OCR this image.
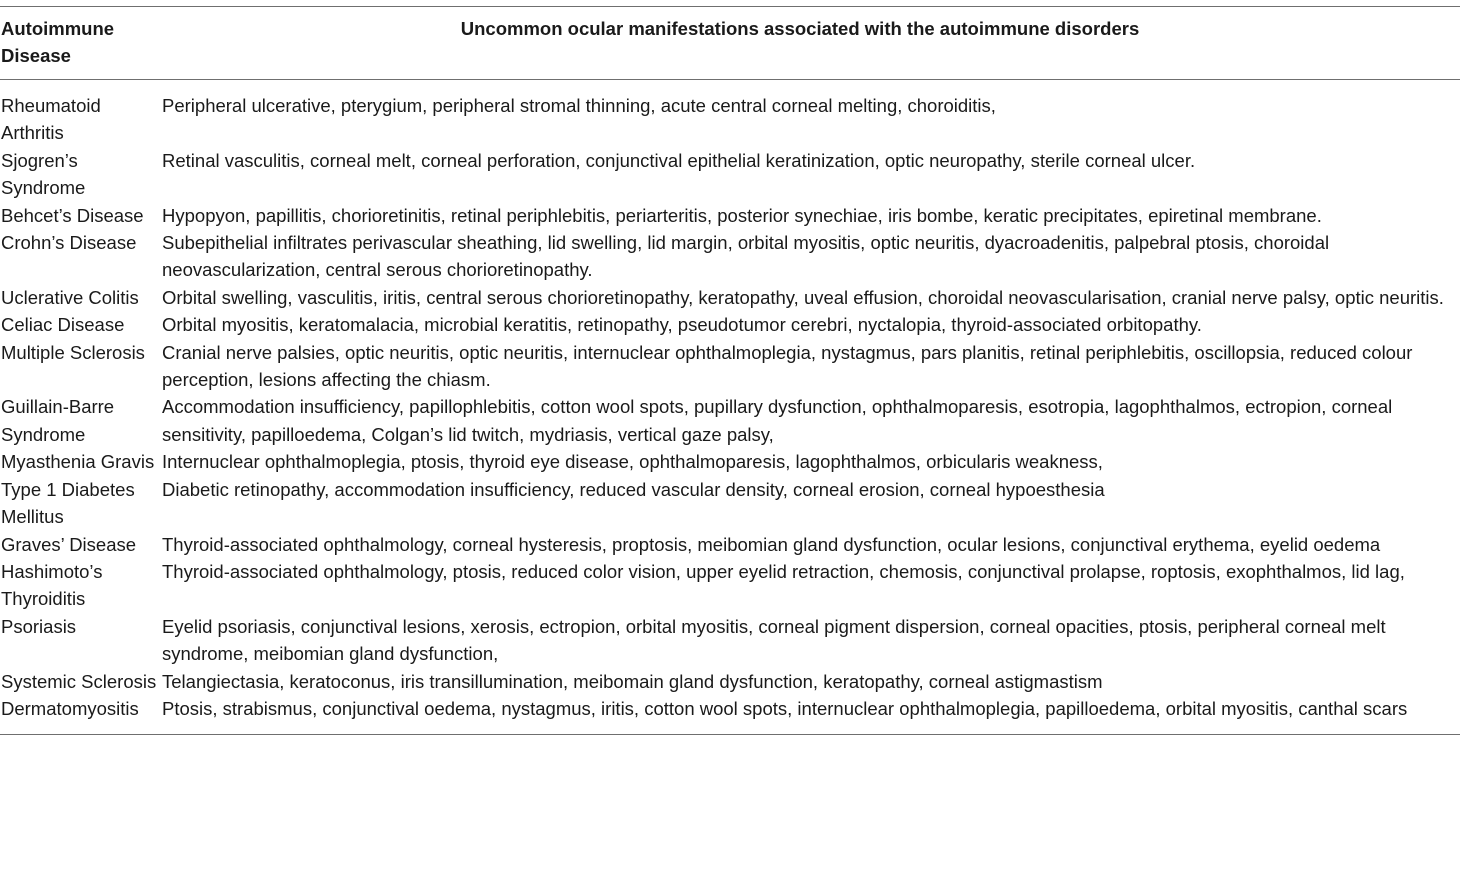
Autoimmune Disease	Uncommon ocular manifestations associated with the autoimmune disorders
Rheumatoid Arthritis	Peripheral ulcerative, pterygium, peripheral stromal thinning, acute central corneal melting, choroiditis,
Sjogren’s Syndrome	Retinal vasculitis, corneal melt, corneal perforation, conjunctival epithelial keratinization, optic neuropathy, sterile corneal ulcer.
Behcet’s Disease	Hypopyon, papillitis, chorioretinitis, retinal periphlebitis, periarteritis, posterior synechiae, iris bombe, keratic precipitates, epiretinal membrane.
Crohn’s Disease	Subepithelial infiltrates perivascular sheathing, lid swelling, lid margin, orbital myositis, optic neuritis, dyacroadenitis, palpebral ptosis, choroidal neovascularization, central serous chorioretinopathy.
Uclerative Colitis	Orbital swelling, vasculitis, iritis, central serous chorioretinopathy, keratopathy, uveal effusion, choroidal neovascularisation, cranial nerve palsy, optic neuritis.
Celiac Disease	Orbital myositis, keratomalacia, microbial keratitis, retinopathy, pseudotumor cerebri, nyctalopia, thyroid-associated orbitopathy.
Multiple Sclerosis	Cranial nerve palsies, optic neuritis, optic neuritis, internuclear ophthalmoplegia, nystagmus, pars planitis, retinal periphlebitis, oscillopsia, reduced colour perception, lesions affecting the chiasm.
Guillain-Barre Syndrome	Accommodation insufficiency, papillophlebitis, cotton wool spots, pupillary dysfunction, ophthalmoparesis, esotropia, lagophthalmos, ectropion, corneal sensitivity, papilloedema, Colgan’s lid twitch, mydriasis, vertical gaze palsy,
Myasthenia Gravis	Internuclear ophthalmoplegia, ptosis, thyroid eye disease, ophthalmoparesis, lagophthalmos, orbicularis weakness,
Type 1 Diabetes Mellitus	Diabetic retinopathy, accommodation insufficiency, reduced vascular density, corneal erosion, corneal hypoesthesia
Graves’ Disease	Thyroid-associated ophthalmology, corneal hysteresis, proptosis, meibomian gland dysfunction, ocular lesions, conjunctival erythema, eyelid oedema
Hashimoto’s Thyroiditis	Thyroid-associated ophthalmology, ptosis, reduced color vision, upper eyelid retraction, chemosis, conjunctival prolapse, roptosis, exophthalmos, lid lag,
Psoriasis	Eyelid psoriasis, conjunctival lesions, xerosis, ectropion, orbital myositis, corneal pigment dispersion, corneal opacities, ptosis, peripheral corneal melt syndrome, meibomian gland dysfunction,
Systemic Sclerosis	Telangiectasia, keratoconus, iris transillumination, meibomain gland dysfunction, keratopathy, corneal astigmastism
Dermatomyositis	Ptosis, strabismus, conjunctival oedema, nystagmus, iritis, cotton wool spots, internuclear ophthalmoplegia, papilloedema, orbital myositis, canthal scars
